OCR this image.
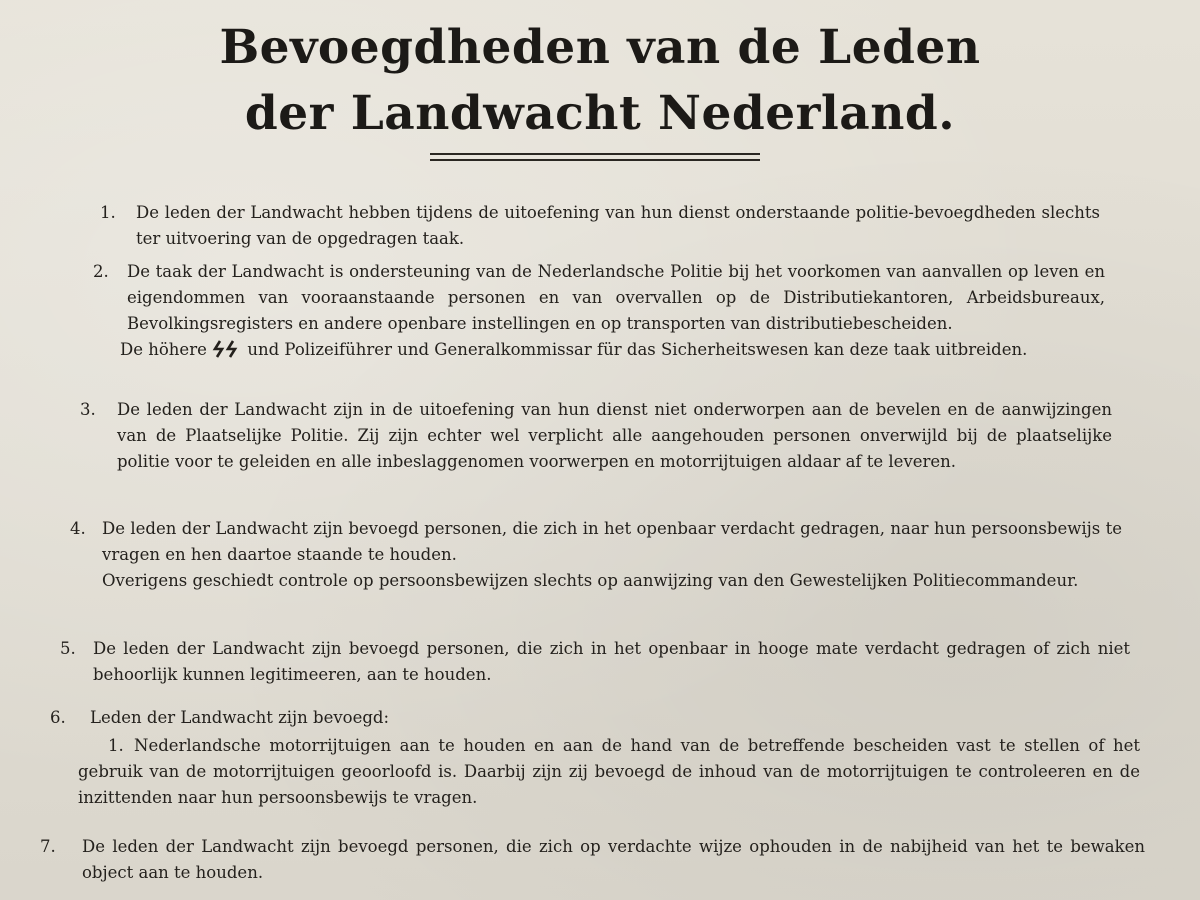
Bevoegdheden van de Leden
der Landwacht Nederland.
1. De leden der Landwacht hebben tijdens de uitoefening van hun dienst onderstaande politie-bevoegdheden slechts ter uitvoering van de opgedragen taak.

2. De taak der Landwacht is ondersteuning van de Nederlandsche Politie bij het voorkomen van aanvallen op leven en eigendommen van vooraanstaande personen en van overvallen op de Distributiekantoren, Arbeidsbureaux, Bevolkingsregisters en andere openbare instellingen en op transporten van distributiebescheiden.

De höhere und Polizeiführer und Generalkommissar für das Sicherheitswesen kan deze taak uitbreiden.
3. De leden der Landwacht zijn in de uitoefening van hun dienst niet onderworpen aan de bevelen en de aanwijzingen van de Plaatselijke Politie. Zij zijn echter wel verplicht alle aangehouden personen onverwijld bij de plaatselijke politie voor te geleiden en alle inbeslaggenomen voorwerpen en motorrijtuigen aldaar af te leveren.

4. De leden der Landwacht zijn bevoegd personen, die zich in het openbaar verdacht gedragen, naar hun persoonsbewijs te vragen en hen daartoe staande te houden.

Overigens geschiedt controle op persoonsbewijzen slechts op aanwijzing van den Gewestelijken Politiecommandeur.

5. De leden der Landwacht zijn bevoegd personen, die zich in het openbaar in hooge mate verdacht gedragen of zich niet behoorlijk kunnen legitimeeren, aan te houden.

6. Leden der Landwacht zijn bevoegd:

1. Nederlandsche motorrijtuigen aan te houden en aan de hand van de betreffende bescheiden vast te stellen of het gebruik van de motorrijtuigen geoorloofd is. Daarbij zijn zij bevoegd de inhoud van de motorrijtuigen te controleeren en de inzittenden naar hun persoonsbewijs te vragen.

7. De leden der Landwacht zijn bevoegd personen, die zich op verdachte wijze ophouden in de nabijheid van het te bewaken object aan te houden.
